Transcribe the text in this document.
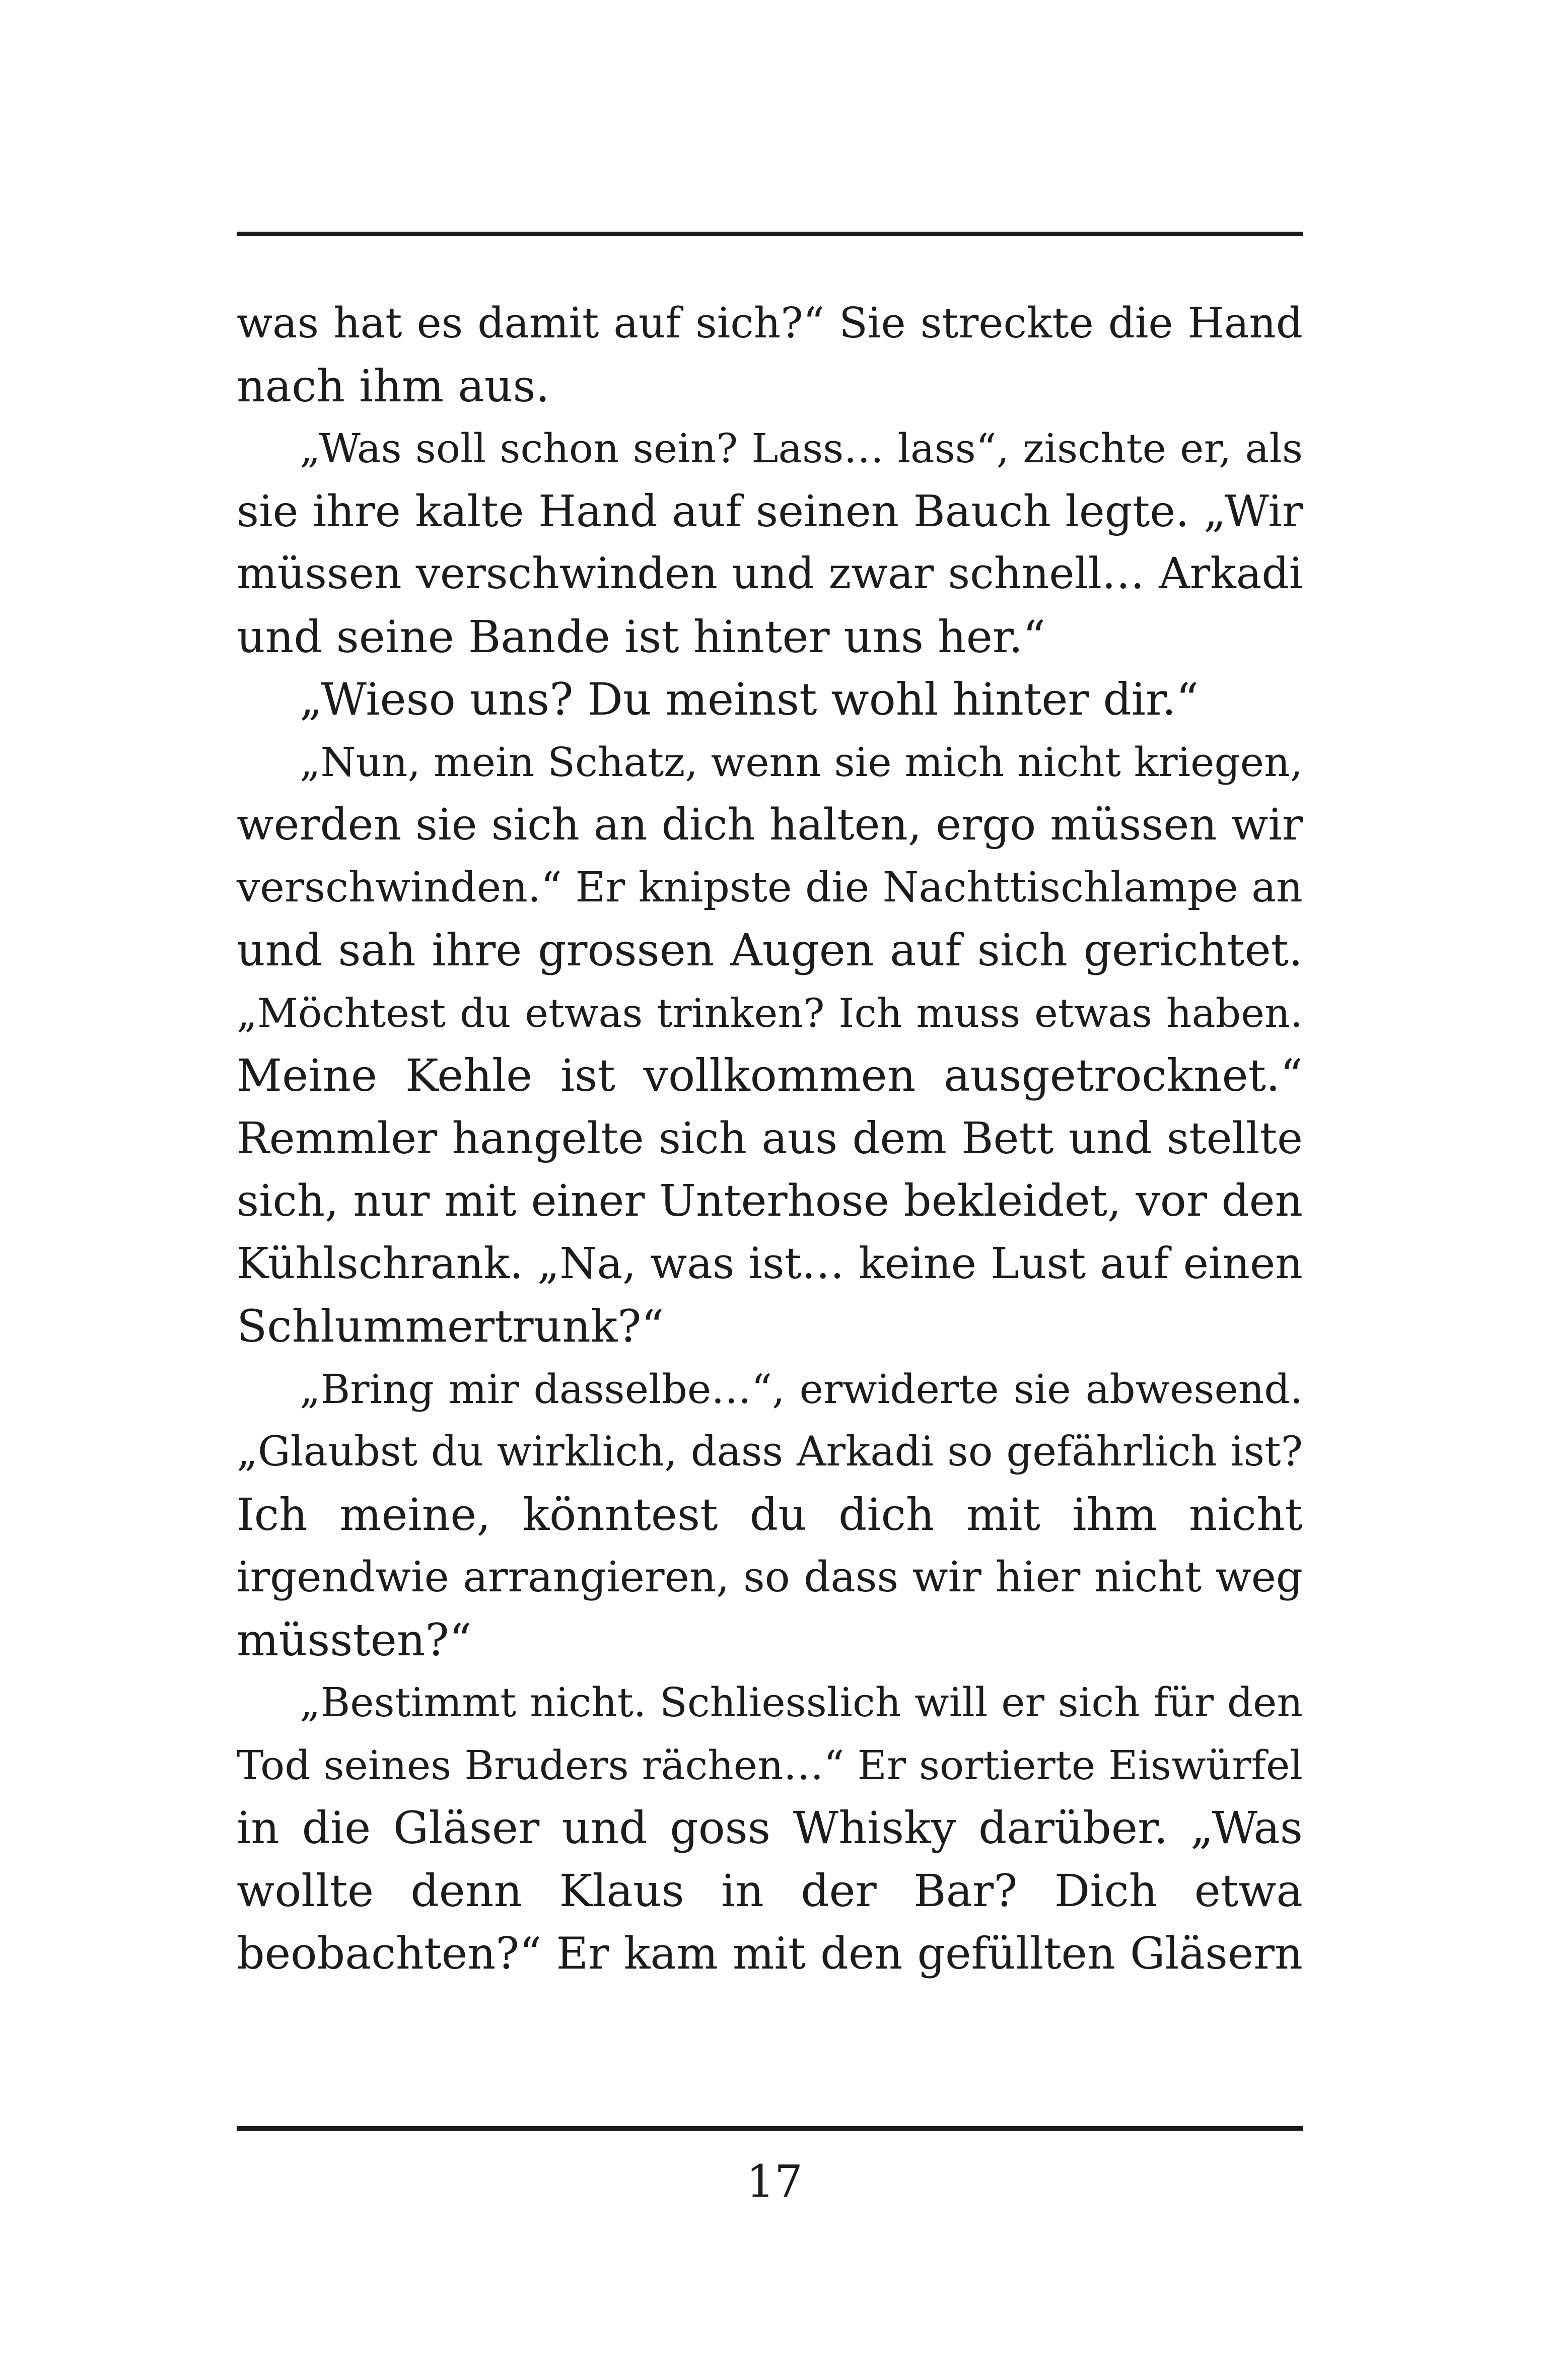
was hat es damit auf sich?“ Sie streckte die Hand
nach ihm aus.
„Was soll schon sein? Lass… lass“, zischte er, als
sie ihre kalte Hand auf seinen Bauch legte. „Wir
müssen verschwinden und zwar schnell… Arkadi
und seine Bande ist hinter uns her.“
„Wieso uns? Du meinst wohl hinter dir.“
„Nun, mein Schatz, wenn sie mich nicht kriegen,
werden sie sich an dich halten, ergo müssen wir
verschwinden.“ Er knipste die Nachttischlampe an
und sah ihre grossen Augen auf sich gerichtet.
„Möchtest du etwas trinken? Ich muss etwas haben.
Meine Kehle ist vollkommen ausgetrocknet.“
Remmler hangelte sich aus dem Bett und stellte
sich, nur mit einer Unterhose bekleidet, vor den
Kühlschrank. „Na, was ist… keine Lust auf einen
Schlummertrunk?“
„Bring mir dasselbe…“, erwiderte sie abwesend.
„Glaubst du wirklich, dass Arkadi so gefährlich ist?
Ich meine, könntest du dich mit ihm nicht
irgendwie arrangieren, so dass wir hier nicht weg
müssten?“
„Bestimmt nicht. Schliesslich will er sich für den
Tod seines Bruders rächen…“ Er sortierte Eiswürfel
in die Gläser und goss Whisky darüber. „Was
wollte denn Klaus in der Bar? Dich etwa
beobachten?“ Er kam mit den gefüllten Gläsern
17
